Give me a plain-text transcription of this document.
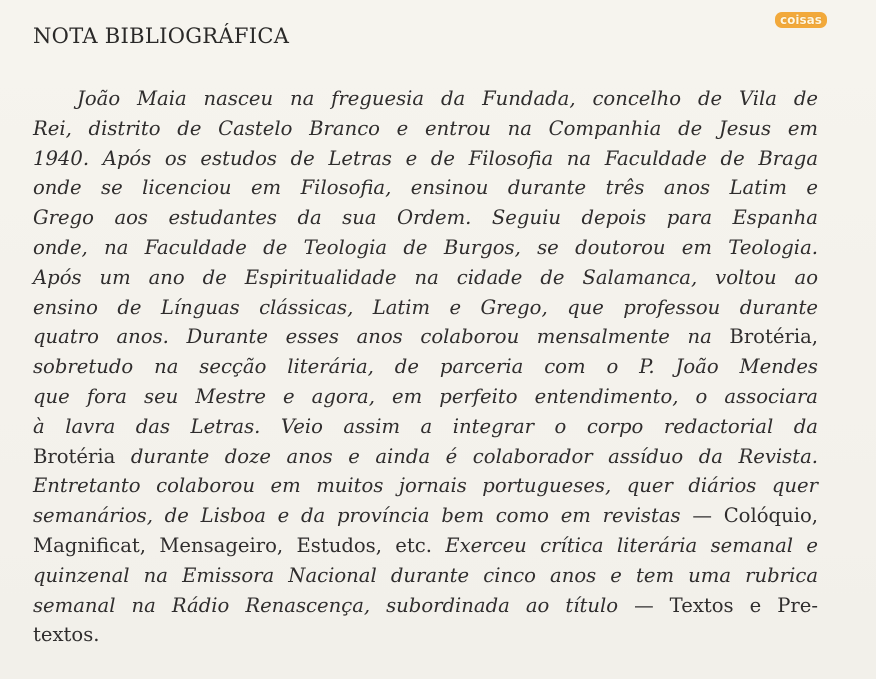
NOTA BIBLIOGRÁFICA
coisas
João Maia nasceu na freguesia da Fundada, concelho de Vila de
Rei, distrito de Castelo Branco e entrou na Companhia de Jesus em
1940. Após os estudos de Letras e de Filosofia na Faculdade de Braga
onde se licenciou em Filosofia, ensinou durante três anos Latim e
Grego aos estudantes da sua Ordem. Seguiu depois para Espanha
onde, na Faculdade de Teologia de Burgos, se doutorou em Teologia.
Após um ano de Espiritualidade na cidade de Salamanca, voltou ao
ensino de Línguas clássicas, Latim e Grego, que professou durante
quatro anos. Durante esses anos colaborou mensalmente na Brotéria,
sobretudo na secção literária, de parceria com o P. João Mendes
que fora seu Mestre e agora, em perfeito entendimento, o associara
à lavra das Letras. Veio assim a integrar o corpo redactorial da
Brotéria durante doze anos e ainda é colaborador assíduo da Revista.
Entretanto colaborou em muitos jornais portugueses, quer diários quer
semanários, de Lisboa e da província bem como em revistas — Colóquio,
Magnificat, Mensageiro, Estudos, etc. Exerceu crítica literária semanal e
quinzenal na Emissora Nacional durante cinco anos e tem uma rubrica
semanal na Rádio Renascença, subordinada ao título — Textos e Pre-
textos.
